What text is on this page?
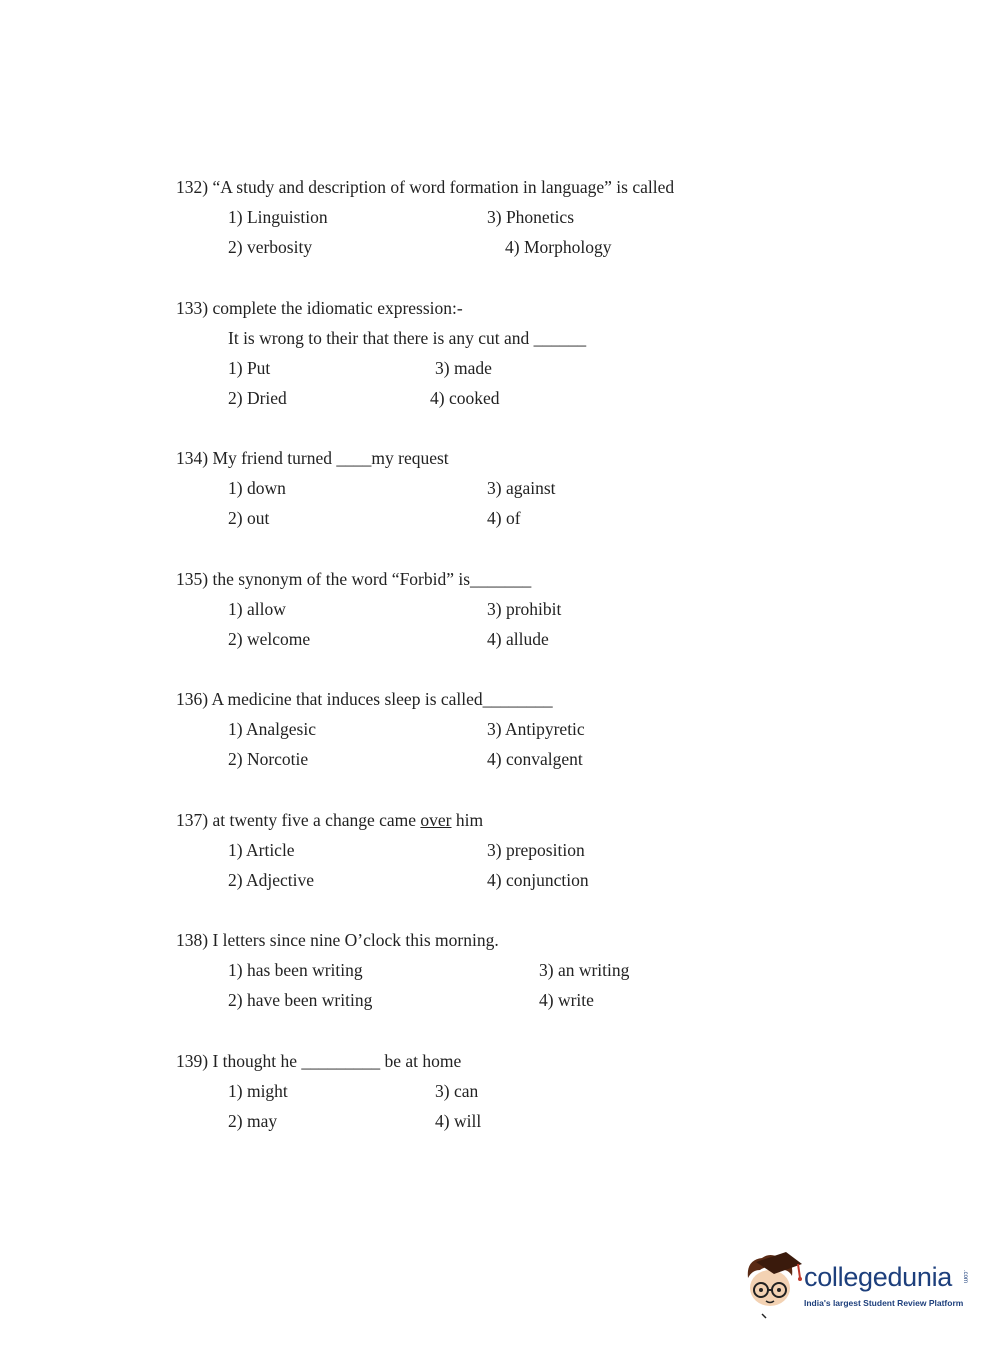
132) “A study and description of word formation in language” is called
1) Linguistion	3) Phonetics
2) verbosity	4) Morphology
133) complete the idiomatic expression:-
It is wrong to their that there is any cut and ______
1) Put	3) made
2) Dried	4) cooked
134) My friend turned ____my request
1) down	3) against
2) out	4) of
135) the synonym of the word “Forbid” is_______
1) allow	3) prohibit
2) welcome	4) allude
136) A medicine that induces sleep is called________
1) Analgesic	3) Antipyretic
2) Norcotie	4) convalgent
137) at twenty five a change came over him
1) Article	3) preposition
2) Adjective	4) conjunction
138) I letters since nine O’clock this morning.
1) has been writing	3) an writing
2) have been writing	4) write
139) I thought he _________ be at home
1) might	3) can
2) may	4) will
collegedunia .com
India's largest Student Review Platform
